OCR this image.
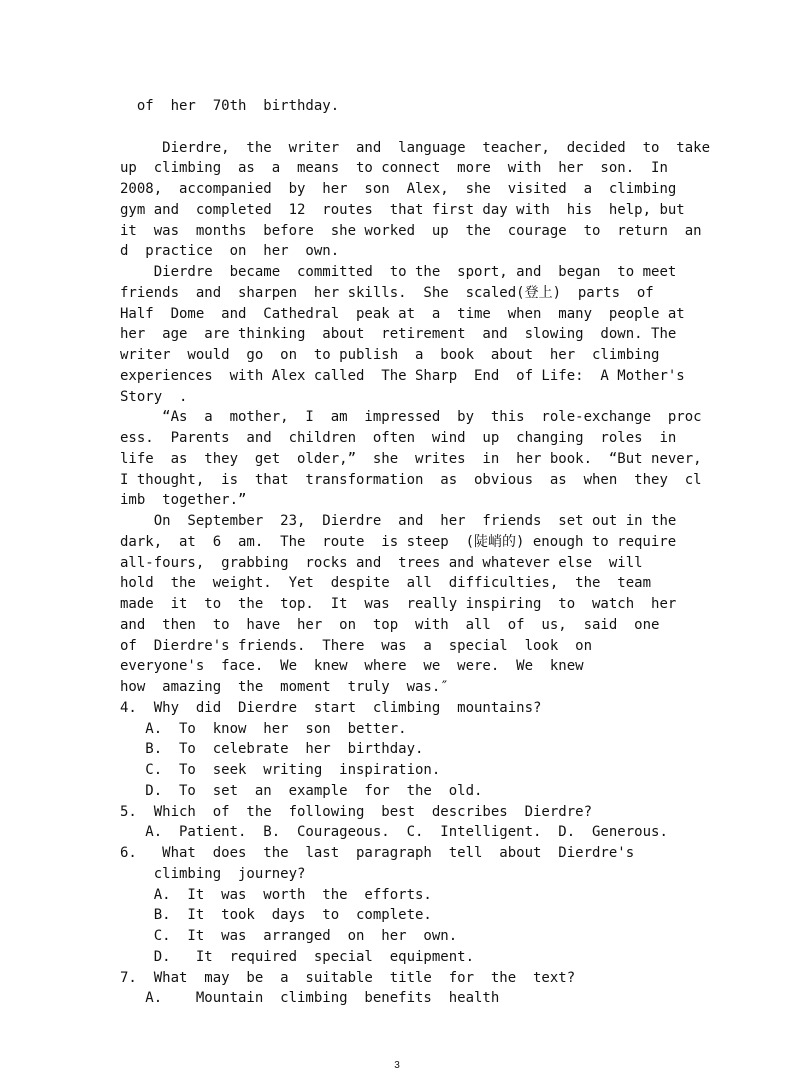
of  her  70th  birthday.
Dierdre,  the  writer  and  language  teacher,  decided  to  take
up  climbing  as  a  means  to connect  more  with  her  son.  In
2008,  accompanied  by  her  son  Alex,  she  visited  a  climbing
gym and  completed  12  routes  that first day with  his  help, but
it  was  months  before  she worked  up  the  courage  to  return  an
d  practice  on  her  own.
Dierdre  became  committed  to the  sport, and  began  to meet
friends  and  sharpen  her skills.  She  scaled(登上)  parts  of
Half  Dome  and  Cathedral  peak at  a  time  when  many  people at
her  age  are thinking  about  retirement  and  slowing  down. The
writer  would  go  on  to publish  a  book  about  her  climbing
experiences  with Alex called  The Sharp  End  of Life:  A Mother's
Story  .
“As  a  mother,  I  am  impressed  by  this  role-exchange  proc
ess.  Parents  and  children  often  wind  up  changing  roles  in
life  as  they  get  older,”  she  writes  in  her book.  “But never,
I thought,  is  that  transformation  as  obvious  as  when  they  cl
imb  together.”
On  September  23,  Dierdre  and  her  friends  set out in the
dark,  at  6  am.  The  route  is steep  (陡峭的) enough to require
all-fours,  grabbing  rocks and  trees and whatever else  will
hold  the  weight.  Yet  despite  all  difficulties,  the  team
made  it  to  the  top.  It  was  really inspiring  to  watch  her
and  then  to  have  her  on  top  with  all  of  us,  said  one
of  Dierdre's friends.  There  was  a  special  look  on
everyone's  face.  We  knew  where  we  were.  We  knew
how  amazing  the  moment  truly  was.″
4.  Why  did  Dierdre  start  climbing  mountains?
A.  To  know  her  son  better.
B.  To  celebrate  her  birthday.
C.  To  seek  writing  inspiration.
D.  To  set  an  example  for  the  old.
5.  Which  of  the  following  best  describes  Dierdre?
A.  Patient.  B.  Courageous.  C.  Intelligent.  D.  Generous.
6.   What  does  the  last  paragraph  tell  about  Dierdre's
climbing  journey?
A.  It  was  worth  the  efforts.
B.  It  took  days  to  complete.
C.  It  was  arranged  on  her  own.
D.   It  required  special  equipment.
7.  What  may  be  a  suitable  title  for  the  text?
A.    Mountain  climbing  benefits  health
3
